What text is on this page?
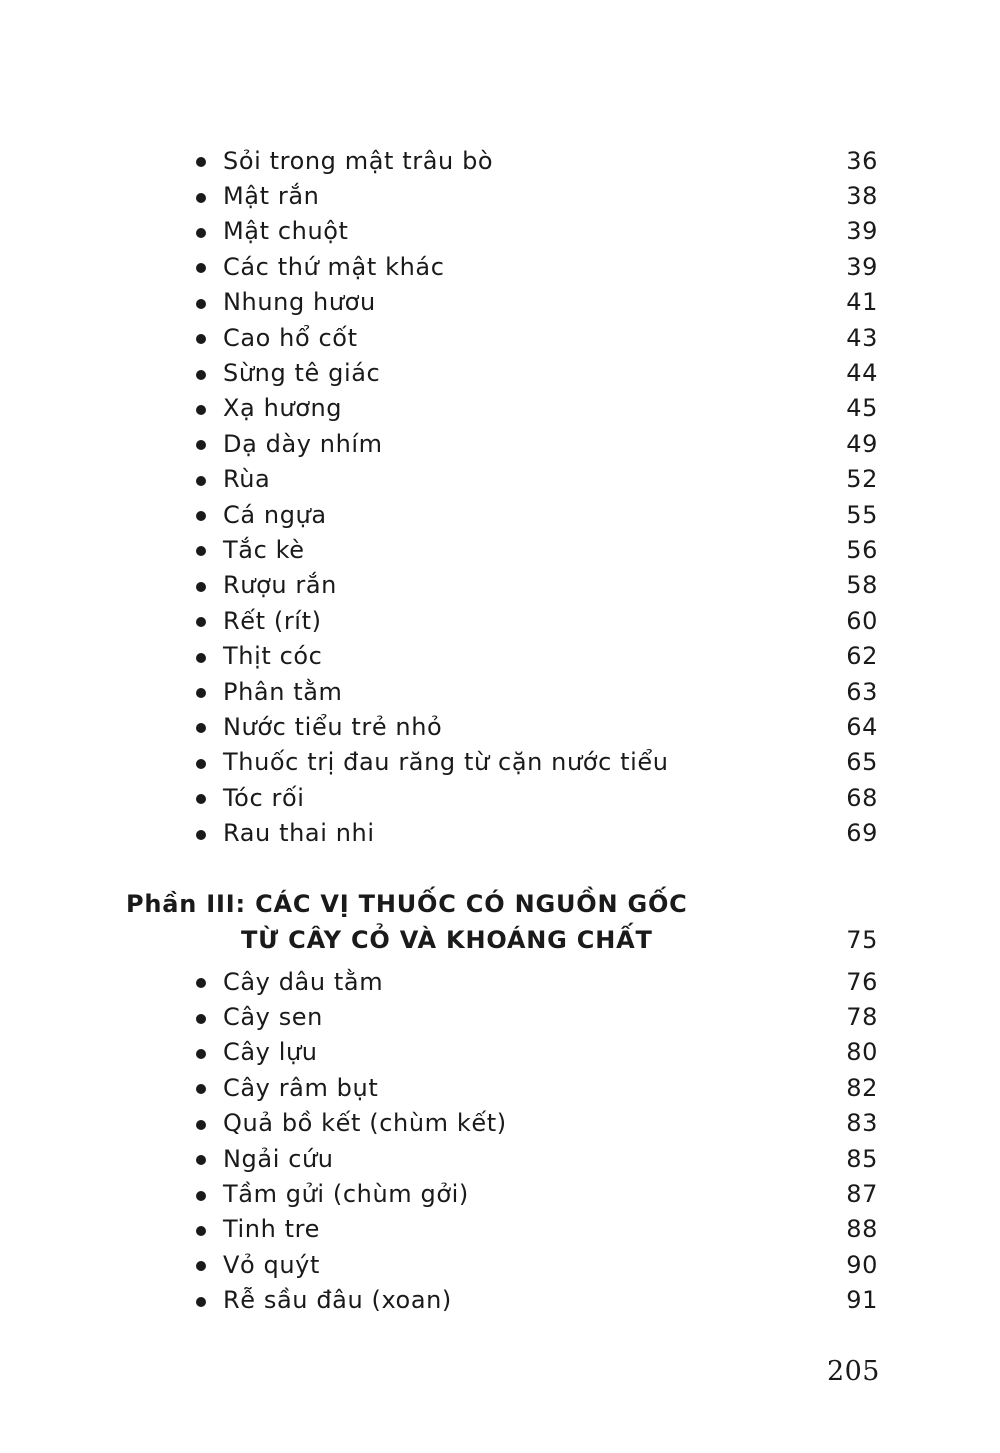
Sỏi trong mật trâu bò	36
Mật rắn	38
Mật chuột	39
Các thứ mật khác	39
Nhung hươu	41
Cao hổ cốt	43
Sừng tê giác	44
Xạ hương	45
Dạ dày nhím	49
Rùa	52
Cá ngựa	55
Tắc kè	56
Rượu rắn	58
Rết (rít)	60
Thịt cóc	62
Phân tằm	63
Nước tiểu trẻ nhỏ	64
Thuốc trị đau răng từ cặn nước tiểu	65
Tóc rối	68
Rau thai nhi	69
Phần III: CÁC VỊ THUỐC CÓ NGUỒN GỐC
TỪ CÂY CỎ VÀ KHOÁNG CHẤT	75
Cây dâu tằm	76
Cây sen	78
Cây lựu	80
Cây râm bụt	82
Quả bồ kết (chùm kết)	83
Ngải cứu	85
Tầm gửi (chùm gởi)	87
Tinh tre	88
Vỏ quýt	90
Rễ sầu đâu (xoan)	91
205
